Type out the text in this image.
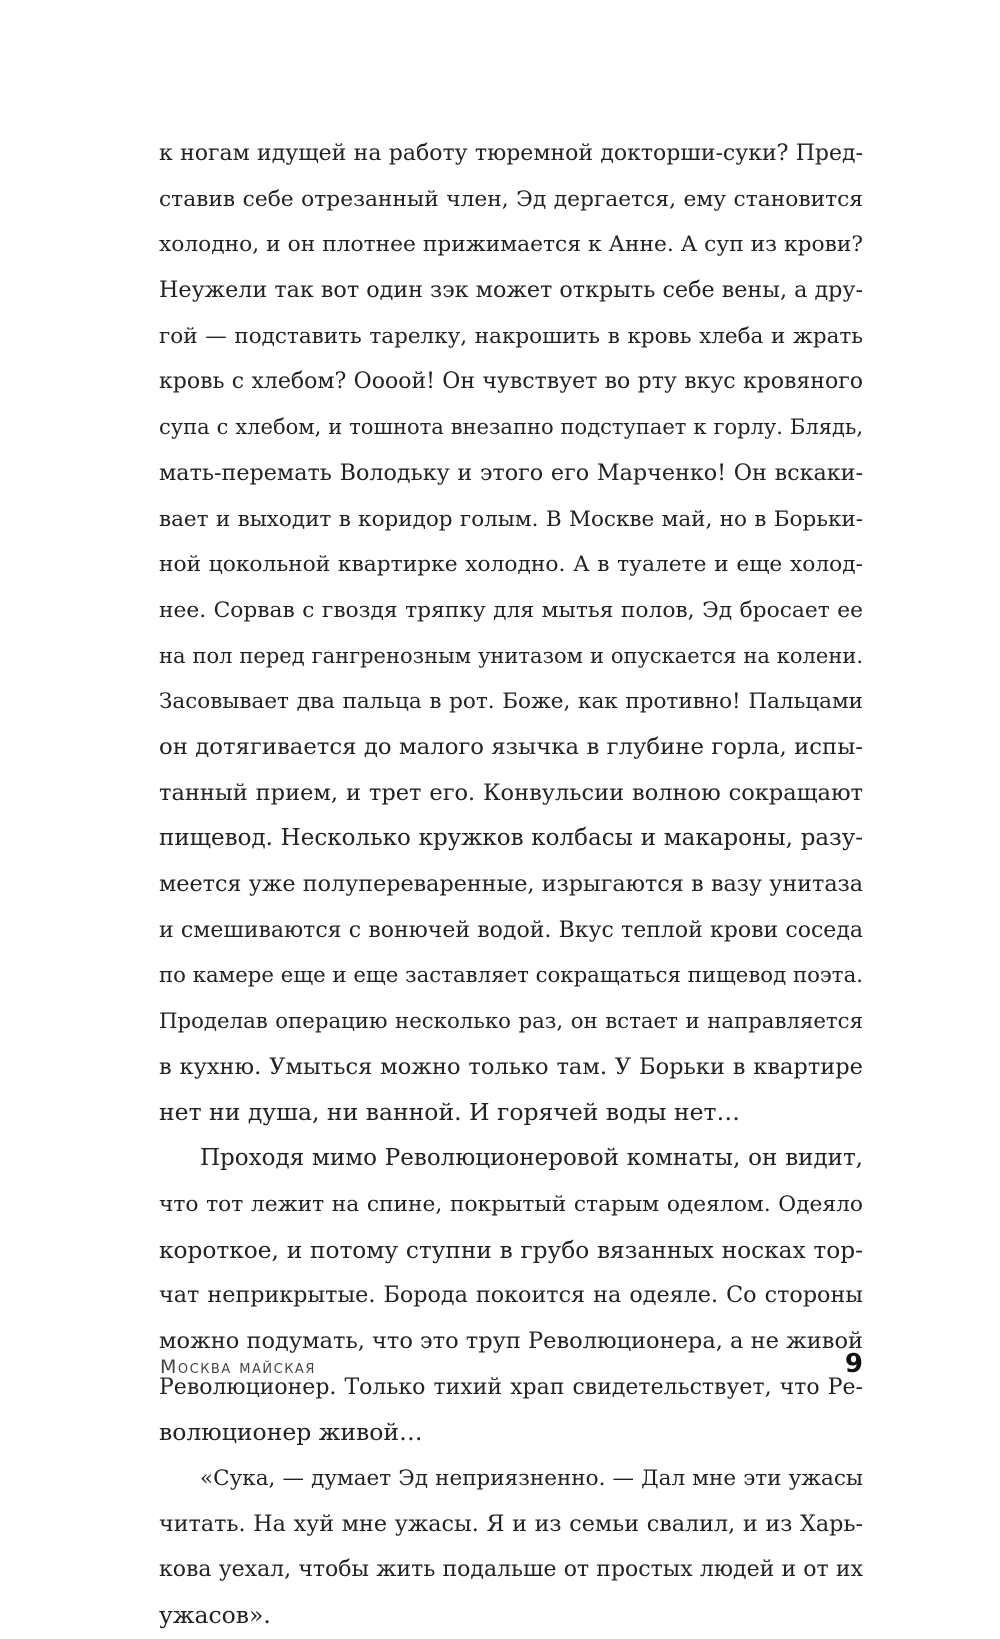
к ногам идущей на работу тюремной докторши-суки? Пред-
ставив себе отрезанный член, Эд дергается, ему становится
холодно, и он плотнее прижимается к Анне. А суп из крови?
Неужели так вот один зэк может открыть себе вены, а дру-
гой — подставить тарелку, накрошить в кровь хлеба и жрать
кровь с хлебом? Оооой! Он чувствует во рту вкус кровяного
супа с хлебом, и тошнота внезапно подступает к горлу. Блядь,
мать-перемать Володьку и этого его Марченко! Он вскаки-
вает и выходит в коридор голым. В Москве май, но в Борьки-
ной цокольной квартирке холодно. А в туалете и еще холод-
нее. Сорвав с гвоздя тряпку для мытья полов, Эд бросает ее
на пол перед гангренозным унитазом и опускается на колени.
Засовывает два пальца в рот. Боже, как противно! Пальцами
он дотягивается до малого язычка в глубине горла, испы-
танный прием, и трет его. Конвульсии волною сокращают
пищевод. Несколько кружков колбасы и макароны, разу-
меется уже полупереваренные, изрыгаются в вазу унитаза
и смешиваются с вонючей водой. Вкус теплой крови соседа
по камере еще и еще заставляет сокращаться пищевод поэта.
Проделав операцию несколько раз, он встает и направляется
в кухню. Умыться можно только там. У Борьки в квартире
нет ни душа, ни ванной. И горячей воды нет…
Проходя мимо Революционеровой комнаты, он видит,
что тот лежит на спине, покрытый старым одеялом. Одеяло
короткое, и потому ступни в грубо вязанных носках тор-
чат неприкрытые. Борода покоится на одеяле. Со стороны
можно подумать, что это труп Революционера, а не живой
Революционер. Только тихий храп свидетельствует, что Ре-
волюционер живой…
«Сука, — думает Эд неприязненно. — Дал мне эти ужасы
читать. На хуй мне ужасы. Я и из семьи свалил, и из Харь-
кова уехал, чтобы жить подальше от простых людей и от их
ужасов».
Москва майская	9
